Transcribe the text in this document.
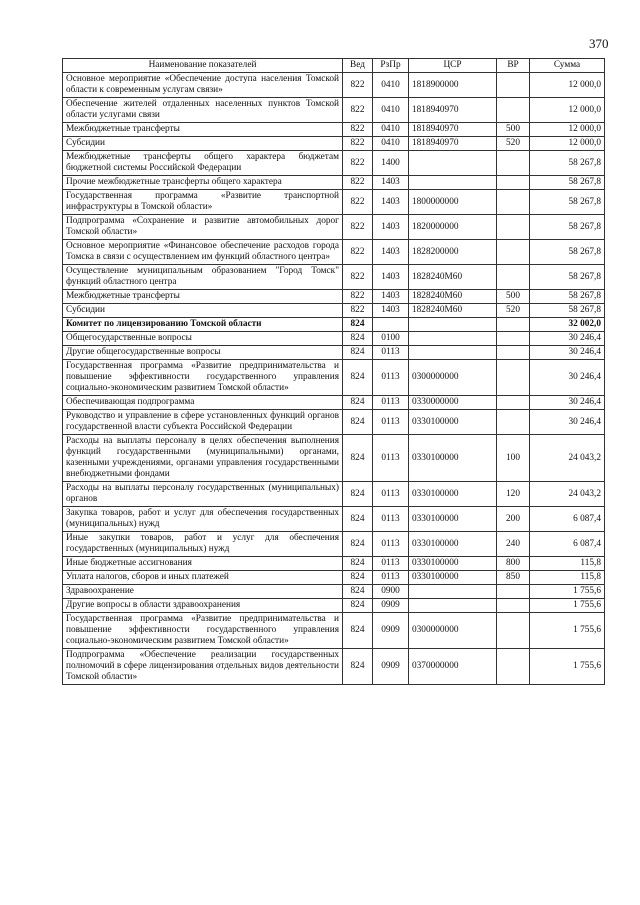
370
Наименование показателей	Вед	РзПр	ЦСР	ВР	Сумма
Основное мероприятие «Обеспечение доступа населения Томской области к современным услугам связи»	822	0410	1818900000		12 000,0
Обеспечение жителей отдаленных населенных пунктов Томской области услугами связи	822	0410	1818940970		12 000,0
Межбюджетные трансферты	822	0410	1818940970	500	12 000,0
Субсидии	822	0410	1818940970	520	12 000,0
Межбюджетные трансферты общего характера бюджетам бюджетной системы Российской Федерации	822	1400			58 267,8
Прочие межбюджетные трансферты общего характера	822	1403			58 267,8
Государственная программа «Развитие транспортной инфраструктуры в Томской области»	822	1403	1800000000		58 267,8
Подпрограмма «Сохранение и развитие автомобильных дорог Томской области»	822	1403	1820000000		58 267,8
Основное мероприятие «Финансовое обеспечение расходов города Томска в связи с осуществлением им функций областного центра»	822	1403	1828200000		58 267,8
Осуществление муниципальным образованием "Город Томск" функций областного центра	822	1403	1828240М60		58 267,8
Межбюджетные трансферты	822	1403	1828240М60	500	58 267,8
Субсидии	822	1403	1828240М60	520	58 267,8
Комитет по лицензированию Томской области	824				32 002,0
Общегосударственные вопросы	824	0100			30 246,4
Другие общегосударственные вопросы	824	0113			30 246,4
Государственная программа «Развитие предпринимательства и повышение эффективности государственного управления социально-экономическим развитием Томской области»	824	0113	0300000000		30 246,4
Обеспечивающая подпрограмма	824	0113	0330000000		30 246,4
Руководство и управление в сфере установленных функций органов государственной власти субъекта Российской Федерации	824	0113	0330100000		30 246,4
Расходы на выплаты персоналу в целях обеспечения выполнения функций государственными (муниципальными) органами, казенными учреждениями, органами управления государственными внебюджетными фондами	824	0113	0330100000	100	24 043,2
Расходы на выплаты персоналу государственных (муниципальных) органов	824	0113	0330100000	120	24 043,2
Закупка товаров, работ и услуг для обеспечения государственных (муниципальных) нужд	824	0113	0330100000	200	6 087,4
Иные закупки товаров, работ и услуг для обеспечения государственных (муниципальных) нужд	824	0113	0330100000	240	6 087,4
Иные бюджетные ассигнования	824	0113	0330100000	800	115,8
Уплата налогов, сборов и иных платежей	824	0113	0330100000	850	115,8
Здравоохранение	824	0900			1 755,6
Другие вопросы в области здравоохранения	824	0909			1 755,6
Государственная программа «Развитие предпринимательства и повышение эффективности государственного управления социально-экономическим развитием Томской области»	824	0909	0300000000		1 755,6
Подпрограмма «Обеспечение реализации государственных полномочий в сфере лицензирования отдельных видов деятельности Томской области»	824	0909	0370000000		1 755,6
